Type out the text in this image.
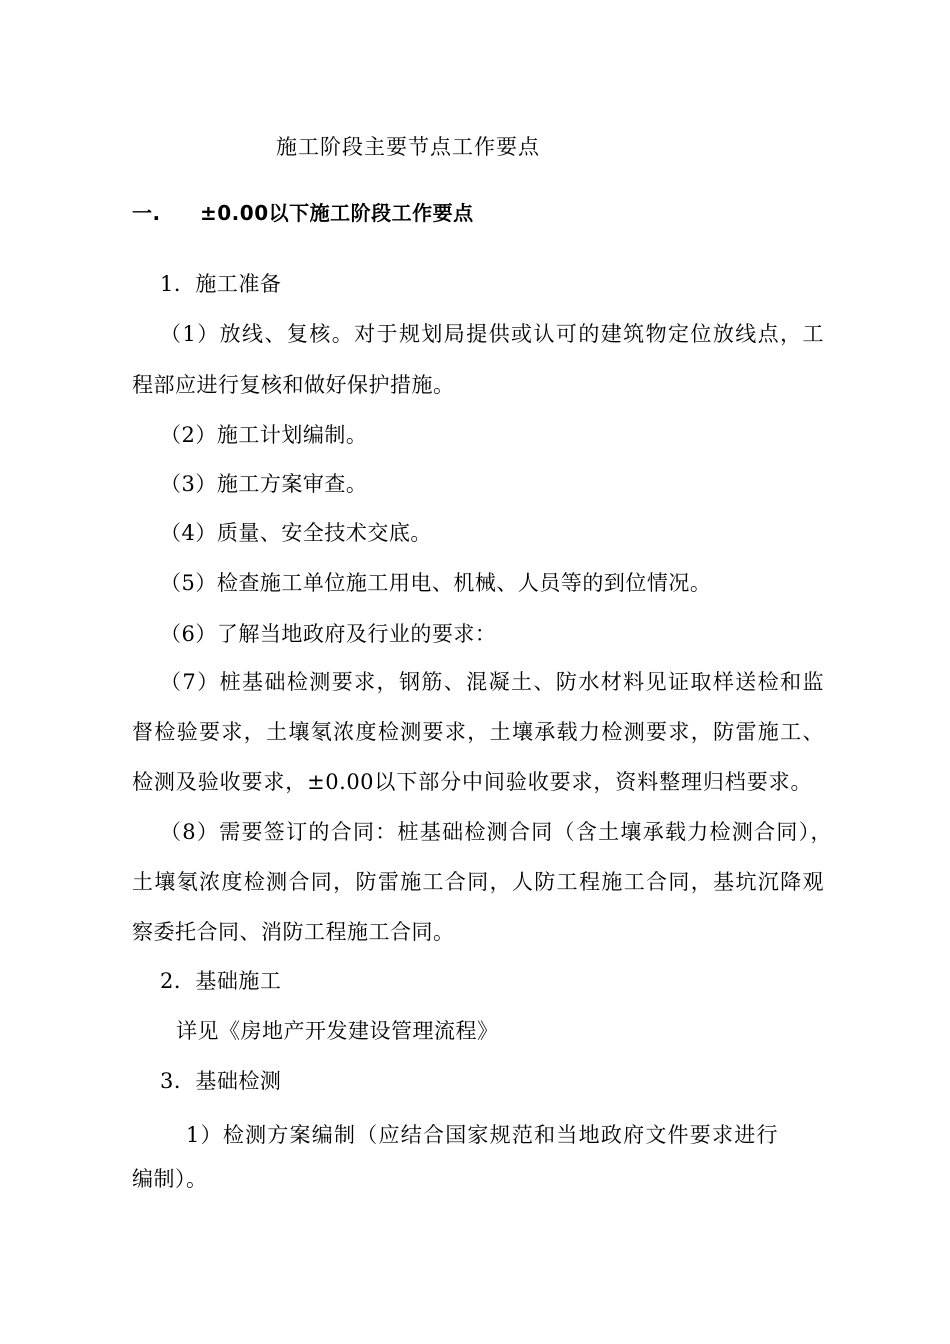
施工阶段主要节点工作要点
一. ±0.00以下施工阶段工作要点
1．施工准备
（1）放线、复核。对于规划局提供或认可的建筑物定位放线点，工
程部应进行复核和做好保护措施。
（2）施工计划编制。
（3）施工方案审查。
（4）质量、安全技术交底。
（5）检查施工单位施工用电、机械、人员等的到位情况。
（6）了解当地政府及行业的要求：
（7）桩基础检测要求，钢筋、混凝土、防水材料见证取样送检和监
督检验要求，土壤氡浓度检测要求，土壤承载力检测要求，防雷施工、
检测及验收要求，±0.00以下部分中间验收要求，资料整理归档要求。
（8）需要签订的合同：桩基础检测合同（含土壤承载力检测合同），
土壤氡浓度检测合同，防雷施工合同，人防工程施工合同，基坑沉降观
察委托合同、消防工程施工合同。
2．基础施工
详见《房地产开发建设管理流程》
3．基础检测
1）检测方案编制（应结合国家规范和当地政府文件要求进行
编制）。
